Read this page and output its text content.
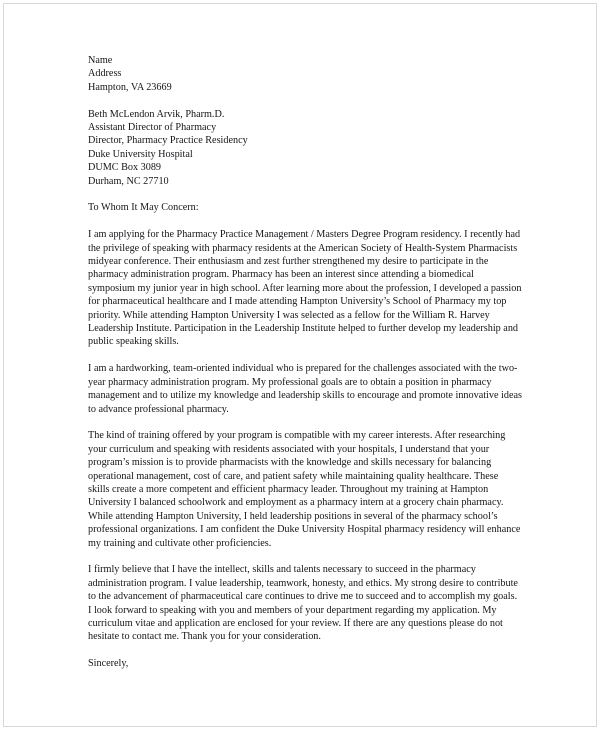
Name
Address
Hampton, VA 23669
Beth McLendon Arvik, Pharm.D.
Assistant Director of Pharmacy
Director, Pharmacy Practice Residency
Duke University Hospital
DUMC Box 3089
Durham, NC 27710
To Whom It May Concern:

I am applying for the Pharmacy Practice Management / Masters Degree Program residency. I recently had the privilege of speaking with pharmacy residents at the American Society of Health-System Pharmacists midyear conference. Their enthusiasm and zest further strengthened my desire to participate in the pharmacy administration program. Pharmacy has been an interest since attending a biomedical symposium my junior year in high school. After learning more about the profession, I developed a passion for pharmaceutical healthcare and I made attending Hampton University’s School of Pharmacy my top priority. While attending Hampton University I was selected as a fellow for the William R. Harvey Leadership Institute. Participation in the Leadership Institute helped to further develop my leadership and public speaking skills.

I am a hardworking, team-oriented individual who is prepared for the challenges associated with the two-year pharmacy administration program. My professional goals are to obtain a position in pharmacy management and to utilize my knowledge and leadership skills to encourage and promote innovative ideas to advance professional pharmacy.

The kind of training offered by your program is compatible with my career interests. After researching your curriculum and speaking with residents associated with your hospitals, I understand that your program’s mission is to provide pharmacists with the knowledge and skills necessary for balancing operational management, cost of care, and patient safety while maintaining quality healthcare. These skills create a more competent and efficient pharmacy leader. Throughout my training at Hampton University I balanced schoolwork and employment as a pharmacy intern at a grocery chain pharmacy. While attending Hampton University, I held leadership positions in several of the pharmacy school’s professional organizations. I am confident the Duke University Hospital pharmacy residency will enhance my training and cultivate other proficiencies.

I firmly believe that I have the intellect, skills and talents necessary to succeed in the pharmacy administration program. I value leadership, teamwork, honesty, and ethics. My strong desire to contribute to the advancement of pharmaceutical care continues to drive me to succeed and to accomplish my goals. I look forward to speaking with you and members of your department regarding my application. My curriculum vitae and application are enclosed for your review. If there are any questions please do not hesitate to contact me. Thank you for your consideration.

Sincerely,
